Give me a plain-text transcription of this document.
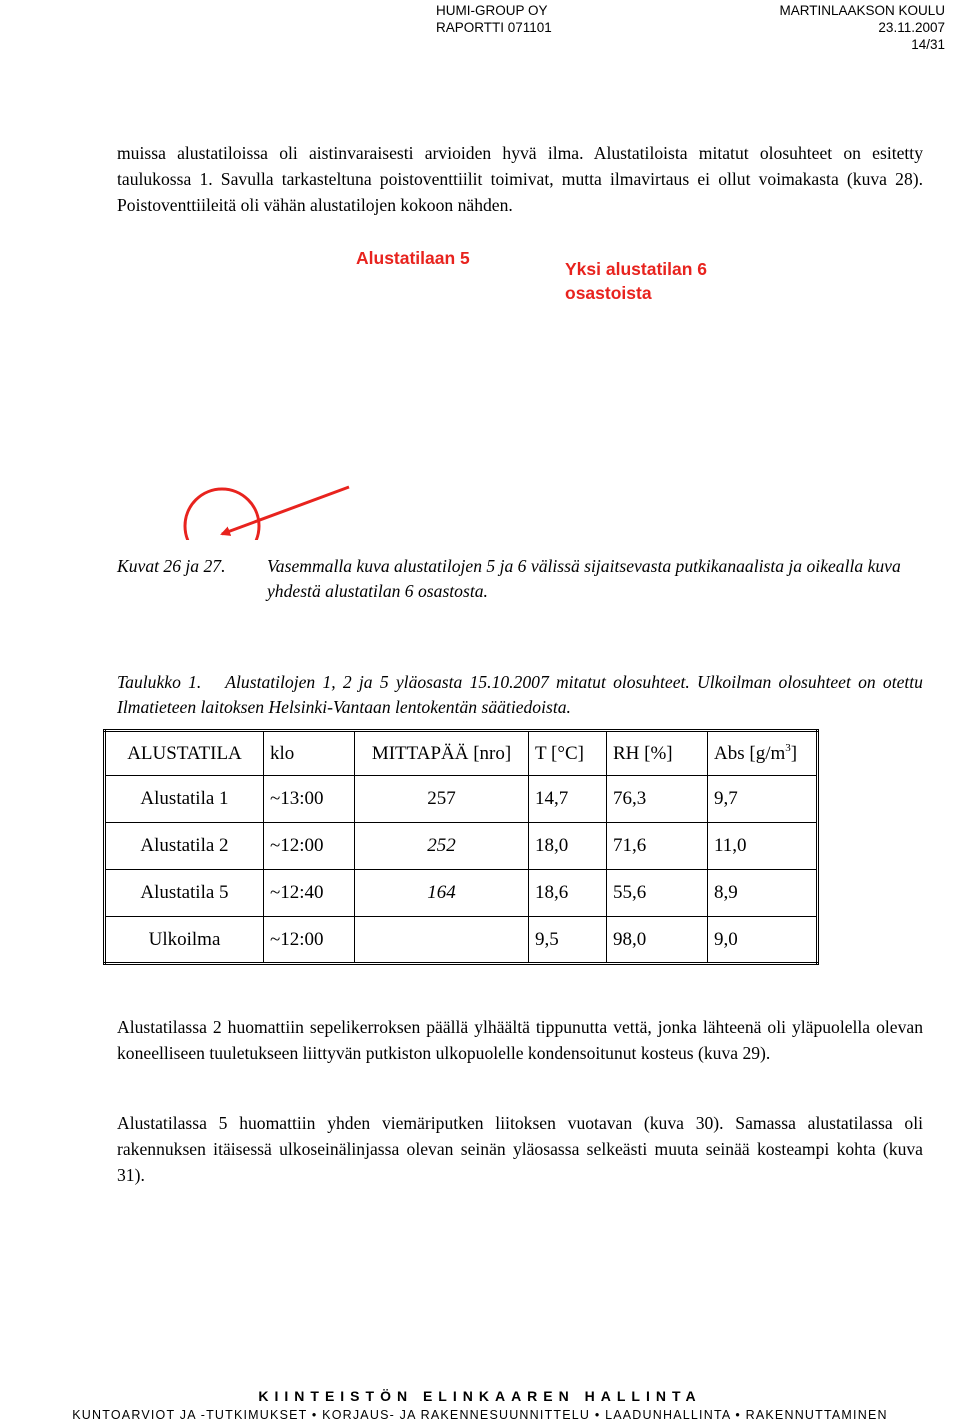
HUMI-GROUP OY
RAPORTTI 071101
MARTINLAAKSON KOULU
23.11.2007
14/31

muissa alustatiloissa oli aistinvaraisesti arvioiden hyvä ilma. Alustatiloista mitatut olosuhteet on esitetty taulukossa 1. Savulla tarkasteltuna poistoventtiilit toimivat, mutta ilmavirtaus ei ollut voimakasta (kuva 28). Poistoventtiileitä oli vähän alustatilojen kokoon nähden.

Alustatilaan 5
Yksi alustatilan 6
osastoista
Kuvat 26 ja 27. Vasemmalla kuva alustatilojen 5 ja 6 välissä sijaitsevasta putkikanaalista ja oikealla kuva yhdestä alustatilan 6 osastosta.

Taulukko 1. Alustatilojen 1, 2 ja 5 yläosasta 15.10.2007 mitatut olosuhteet. Ulkoilman olosuhteet on otettu Ilmatieteen laitoksen Helsinki-Vantaan lentokentän säätiedoista.

ALUSTATILA	klo	MITTAPÄÄ [nro]	T [°C]	RH [%]	Abs $[g/m^3]$
Alustatila 1	~13:00	257	14,7	76,3	9,7
Alustatila 2	~12:00	252	18,0	71,6	11,0
Alustatila 5	~12:40	164	18,6	55,6	8,9
Ulkoilma	~12:00		9,5	98,0	9,0

Alustatilassa 2 huomattiin sepelikerroksen päällä ylhäältä tippunutta vettä, jonka lähteenä oli yläpuolella olevan koneelliseen tuuletukseen liittyvän putkiston ulkopuolelle kondensoitunut kosteus (kuva 29).

Alustatilassa 5 huomattiin yhden viemäriputken liitoksen vuotavan (kuva 30). Samassa alustatilassa oli rakennuksen itäisessä ulkoseinälinjassa olevan seinän yläosassa selkeästi muuta seinää kosteampi kohta (kuva 31).

KIINTEISTÖN ELINKAAREN HALLINTA
KUNTOARVIOT JA -TUTKIMUKSET • KORJAUS- JA RAKENNESUUNNITTELU • LAADUNHALLINTA • RAKENNUTTAMINEN
